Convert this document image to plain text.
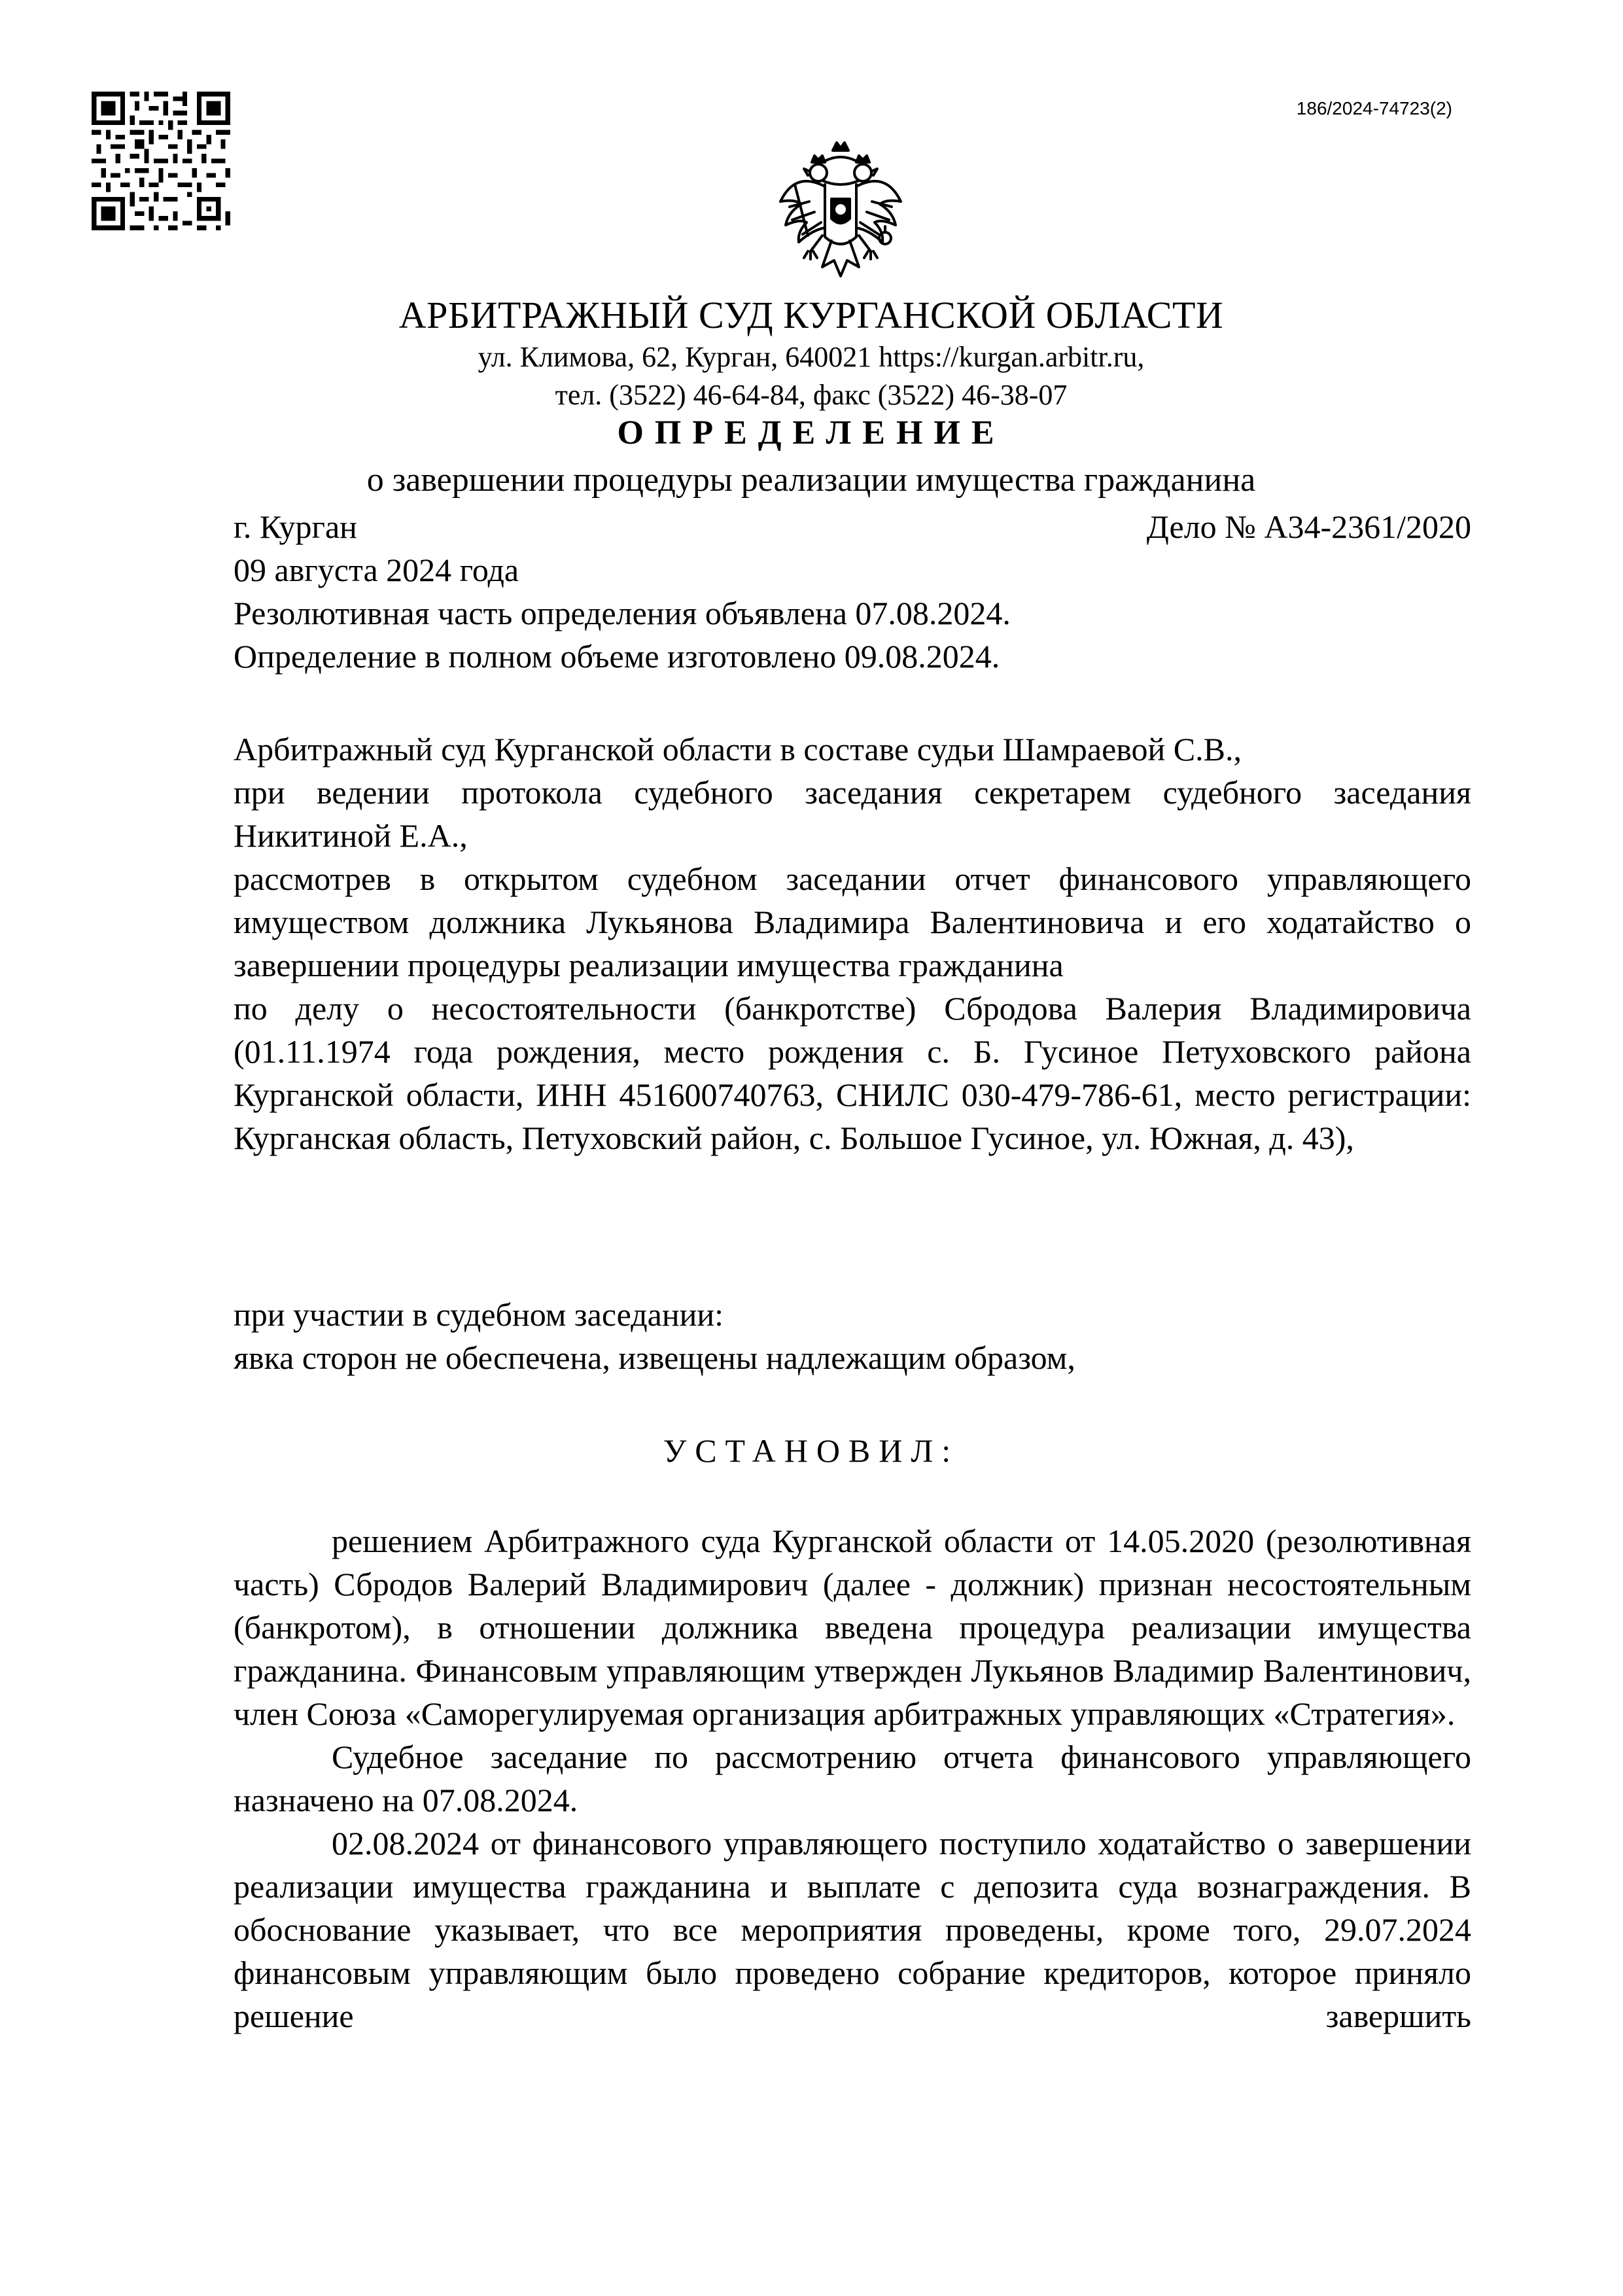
186/2024-74723(2)
АРБИТРАЖНЫЙ СУД КУРГАНСКОЙ ОБЛАСТИ
ул. Климова, 62, Курган, 640021 https://kurgan.arbitr.ru,
тел. (3522) 46-64-84, факс (3522) 46-38-07
ОПРЕДЕЛЕНИЕ
о завершении процедуры реализации имущества гражданина
г. Курган	Дело № А34-2361/2020
09 августа 2024 года
Резолютивная часть определения объявлена 07.08.2024.
Определение в полном объеме изготовлено 09.08.2024.
Арбитражный суд Курганской области в составе судьи Шамраевой С.В.,
при ведении протокола судебного заседания секретарем судебного заседания Никитиной Е.А.,
рассмотрев в открытом судебном заседании отчет финансового управляющего имуществом должника Лукьянова Владимира Валентиновича и его ходатайство о завершении процедуры реализации имущества гражданина
по делу о несостоятельности (банкротстве) Сбродова Валерия Владимировича (01.11.1974 года рождения, место рождения с. Б. Гусиное Петуховского района Курганской области, ИНН 451600740763, СНИЛС 030-479-786-61, место регистрации: Курганская область, Петуховский район, с. Большое Гусиное, ул. Южная, д. 43),
при участии в судебном заседании:
явка сторон не обеспечена, извещены надлежащим образом,
УСТАНОВИЛ:
решением Арбитражного суда Курганской области от 14.05.2020 (резолютивная часть) Сбродов Валерий Владимирович (далее - должник) признан несостоятельным (банкротом), в отношении должника введена процедура реализации имущества гражданина. Финансовым управляющим утвержден Лукьянов Владимир Валентинович, член Союза «Саморегулируемая организация арбитражных управляющих «Стратегия».
Судебное заседание по рассмотрению отчета финансового управляющего назначено на 07.08.2024.
02.08.2024 от финансового управляющего поступило ходатайство о завершении реализации имущества гражданина и выплате с депозита суда вознаграждения. В обоснование указывает, что все мероприятия проведены, кроме того, 29.07.2024 финансовым управляющим было проведено собрание кредиторов, которое приняло решение завершить
